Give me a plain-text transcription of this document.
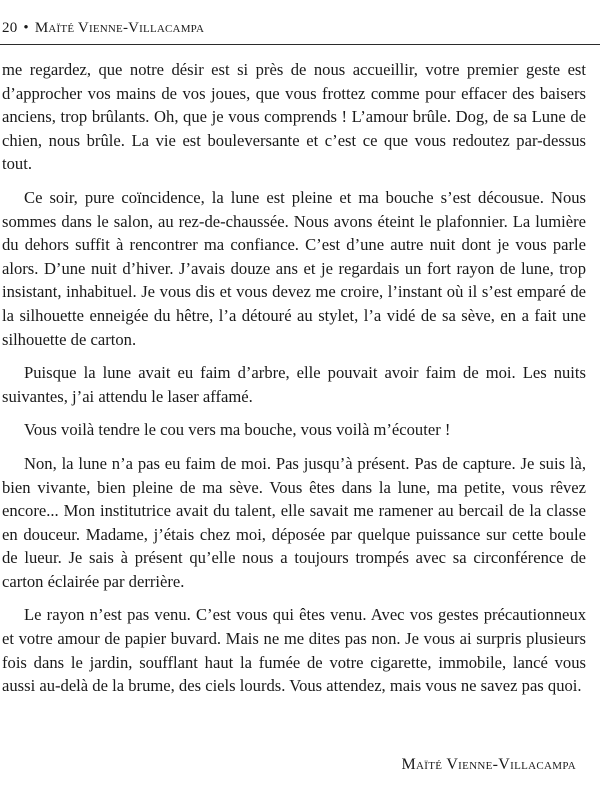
20 • Maïté Vienne-Villacampa

me regardez, que notre désir est si près de nous accueillir, votre premier geste est d’approcher vos mains de vos joues, que vous frottez comme pour effacer des baisers anciens, trop brûlants. Oh, que je vous comprends ! L’amour brûle. Dog, de sa Lune de chien, nous brûle. La vie est bouleversante et c’est ce que vous redoutez par-dessus tout.

Ce soir, pure coïncidence, la lune est pleine et ma bouche s’est décousue. Nous sommes dans le salon, au rez-de-chaussée. Nous avons éteint le plafonnier. La lumière du dehors suffit à rencontrer ma confiance. C’est d’une autre nuit dont je vous parle alors. D’une nuit d’hiver. J’avais douze ans et je regardais un fort rayon de lune, trop insistant, inhabituel. Je vous dis et vous devez me croire, l’instant où il s’est emparé de la silhouette enneigée du hêtre, l’a détouré au stylet, l’a vidé de sa sève, en a fait une silhouette de carton.

Puisque la lune avait eu faim d’arbre, elle pouvait avoir faim de moi. Les nuits suivantes, j’ai attendu le laser affamé.

Vous voilà tendre le cou vers ma bouche, vous voilà m’écouter !

Non, la lune n’a pas eu faim de moi. Pas jusqu’à présent. Pas de capture. Je suis là, bien vivante, bien pleine de ma sève. Vous êtes dans la lune, ma petite, vous rêvez encore... Mon institutrice avait du talent, elle savait me ramener au bercail de la classe en douceur. Madame, j’étais chez moi, déposée par quelque puissance sur cette boule de lueur. Je sais à présent qu’elle nous a toujours trompés avec sa circonférence de carton éclairée par derrière.

Le rayon n’est pas venu. C’est vous qui êtes venu. Avec vos gestes précautionneux et votre amour de papier buvard. Mais ne me dites pas non. Je vous ai surpris plusieurs fois dans le jardin, soufflant haut la fumée de votre cigarette, immobile, lancé vous aussi au-delà de la brume, des ciels lourds. Vous attendez, mais vous ne savez pas quoi.

Maïté Vienne-Villacampa
